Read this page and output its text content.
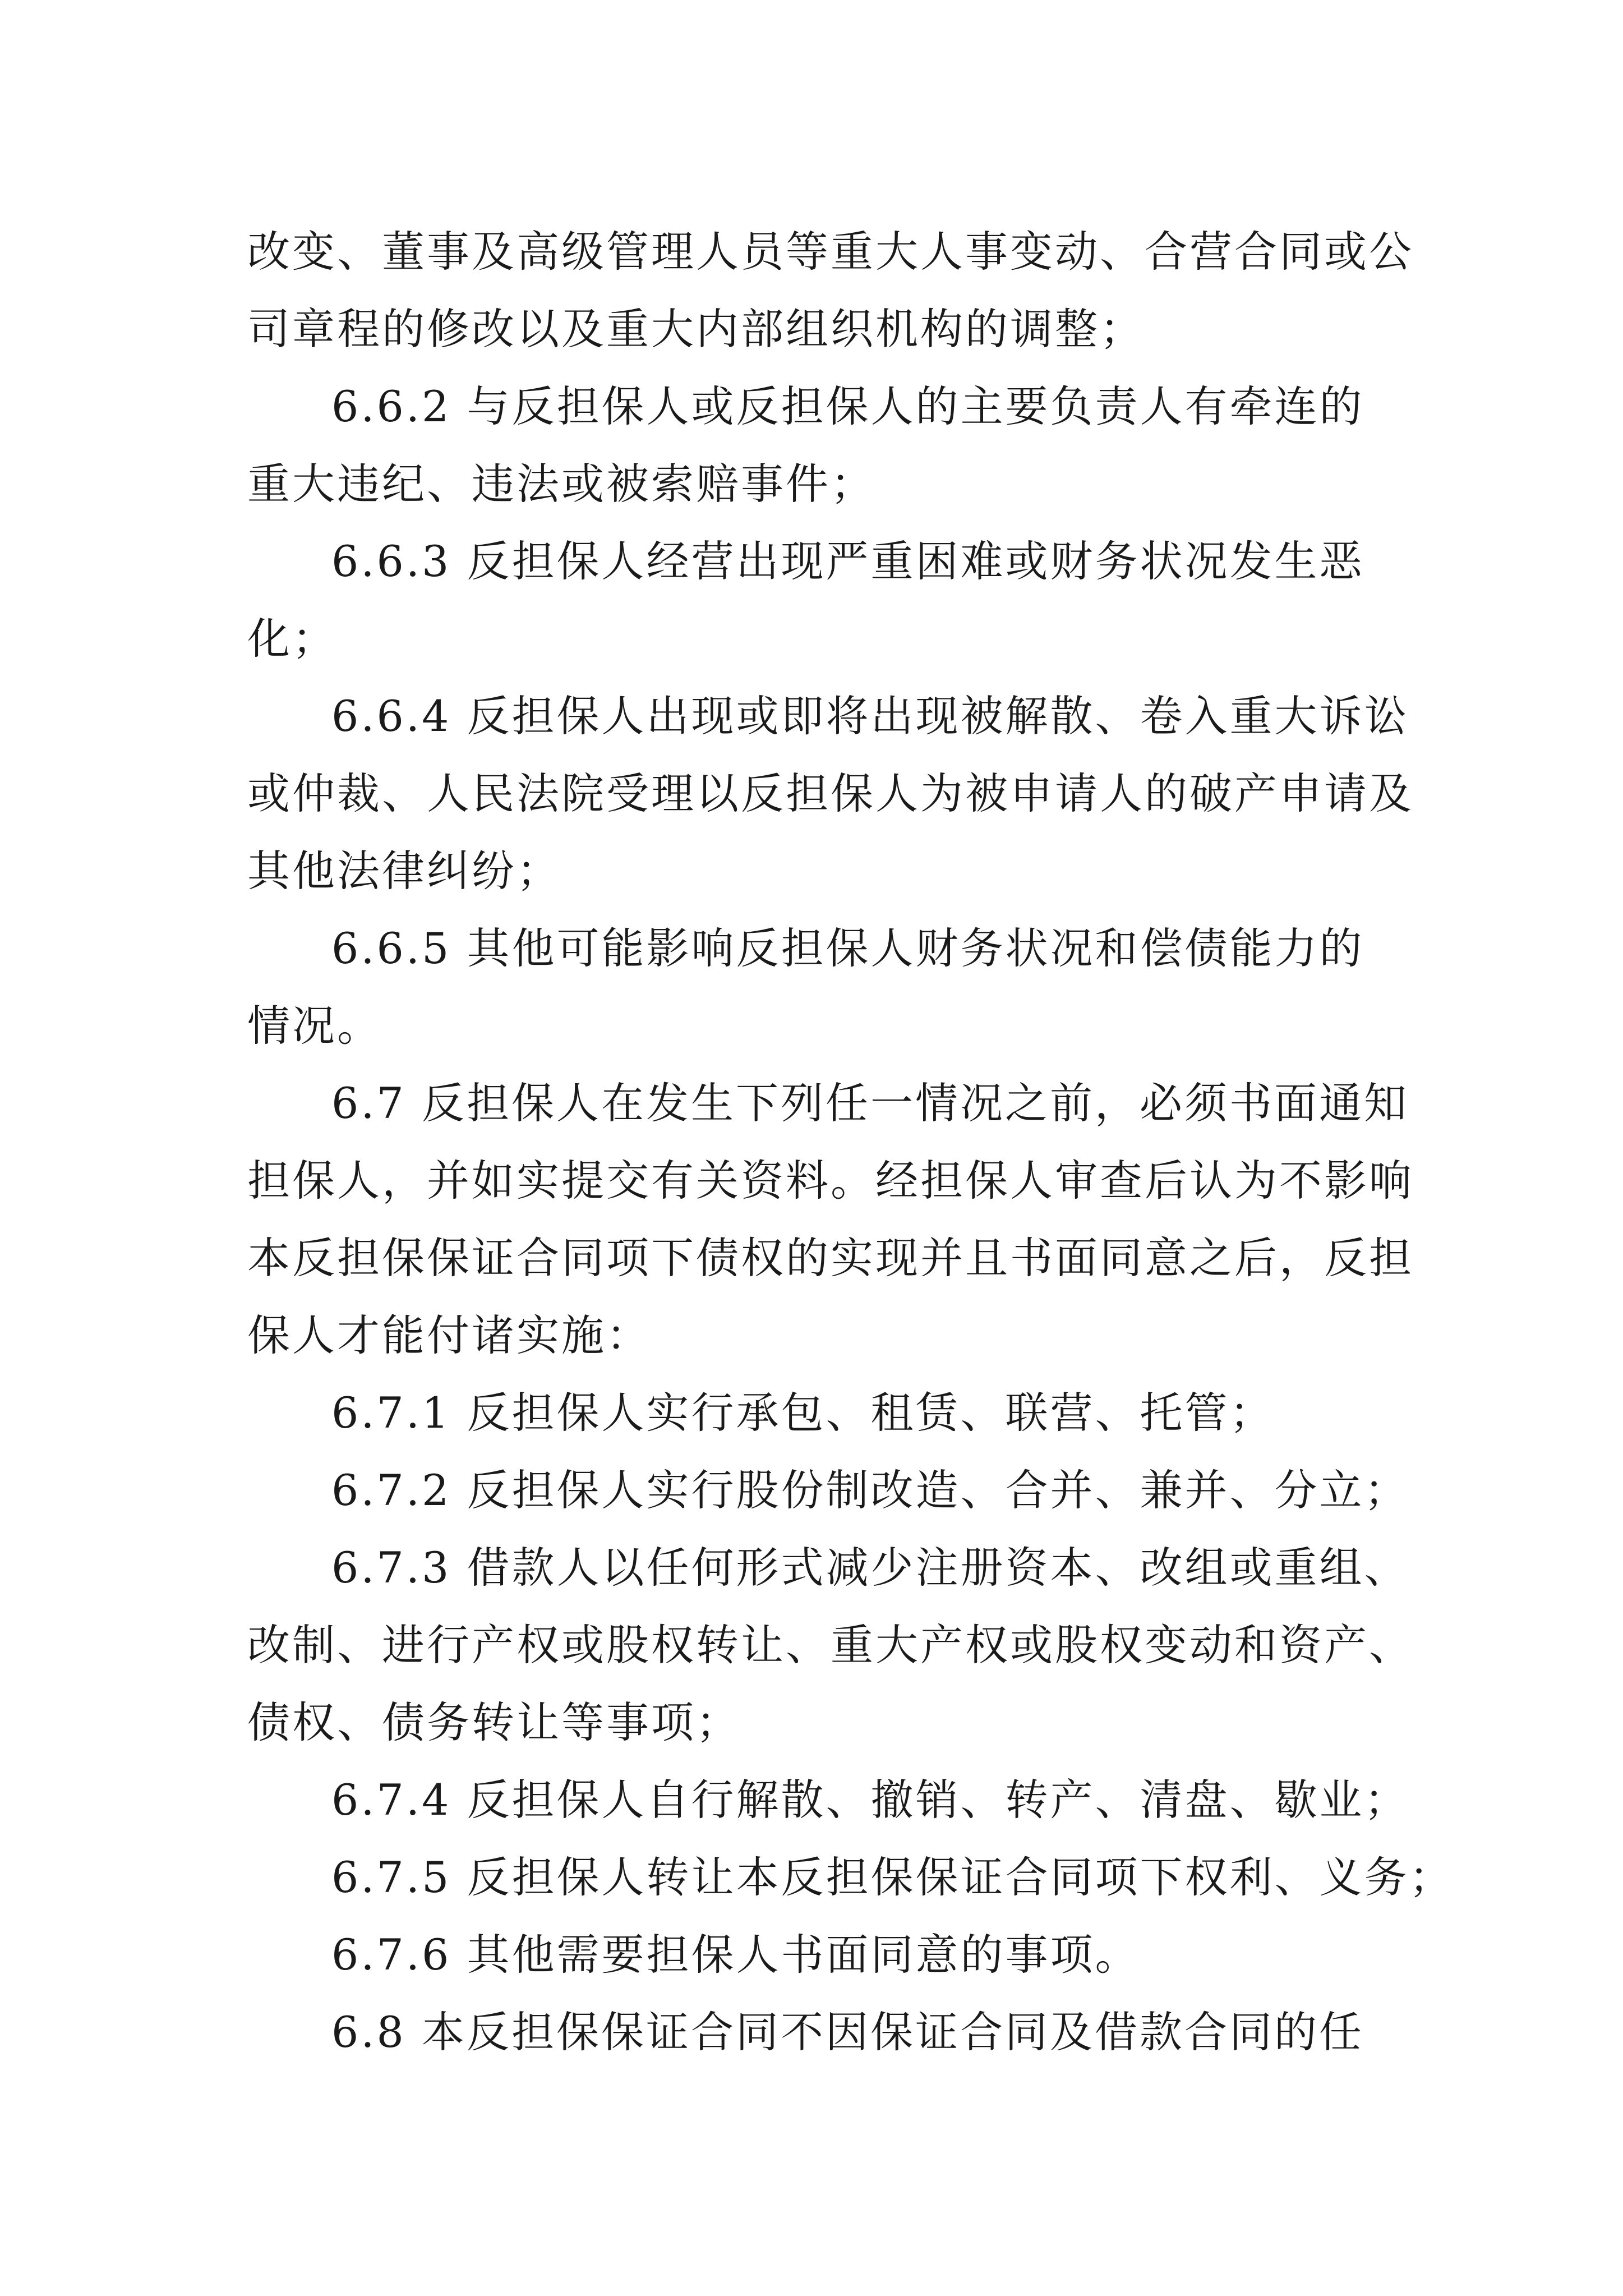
改变、董事及高级管理人员等重大人事变动、合营合同或公
司章程的修改以及重大内部组织机构的调整；
6.6.2 与反担保人或反担保人的主要负责人有牵连的
重大违纪、违法或被索赔事件；
6.6.3 反担保人经营出现严重困难或财务状况发生恶
化；
6.6.4 反担保人出现或即将出现被解散、卷入重大诉讼
或仲裁、人民法院受理以反担保人为被申请人的破产申请及
其他法律纠纷；
6.6.5 其他可能影响反担保人财务状况和偿债能力的
情况。
6.7 反担保人在发生下列任一情况之前，必须书面通知
担保人，并如实提交有关资料。经担保人审查后认为不影响
本反担保保证合同项下债权的实现并且书面同意之后，反担
保人才能付诸实施：
6.7.1 反担保人实行承包、租赁、联营、托管；
6.7.2 反担保人实行股份制改造、合并、兼并、分立；
6.7.3 借款人以任何形式减少注册资本、改组或重组、
改制、进行产权或股权转让、重大产权或股权变动和资产、
债权、债务转让等事项；
6.7.4 反担保人自行解散、撤销、转产、清盘、歇业；
6.7.5 反担保人转让本反担保保证合同项下权利、义务；
6.7.6 其他需要担保人书面同意的事项。
6.8 本反担保保证合同不因保证合同及借款合同的任
